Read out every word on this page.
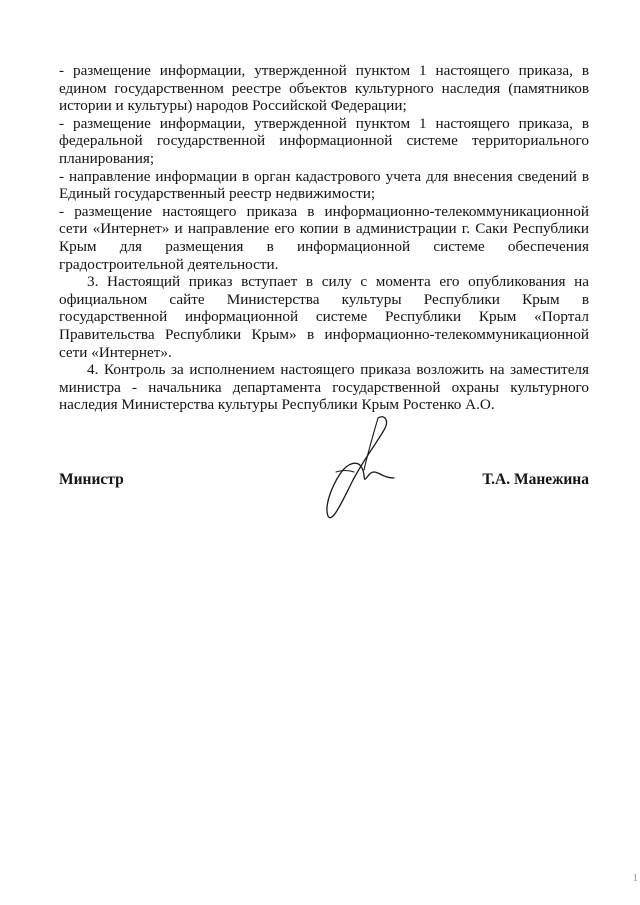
- размещение информации, утвержденной пунктом 1 настоящего приказа, в едином государственном реестре объектов культурного наследия (памятников истории и культуры) народов Российской Федерации;

- размещение информации, утвержденной пунктом 1 настоящего приказа, в федеральной государственной информационной системе территориального планирования;

- направление информации в орган кадастрового учета для внесения сведений в Единый государственный реестр недвижимости;

- размещение настоящего приказа в информационно-телекоммуникационной сети «Интернет» и направление его копии в администрации г. Саки Республики Крым для размещения в информационной системе обеспечения градостроительной деятельности.

3. Настоящий приказ вступает в силу с момента его опубликования на официальном сайте Министерства культуры Республики Крым в государственной информационной системе Республики Крым «Портал Правительства Республики Крым» в информационно-телекоммуникационной сети «Интернет».

4. Контроль за исполнением настоящего приказа возложить на заместителя министра - начальника департамента государственной охраны культурного наследия Министерства культуры Республики Крым Ростенко А.О.

Министр	Т.А. Манежина
1
